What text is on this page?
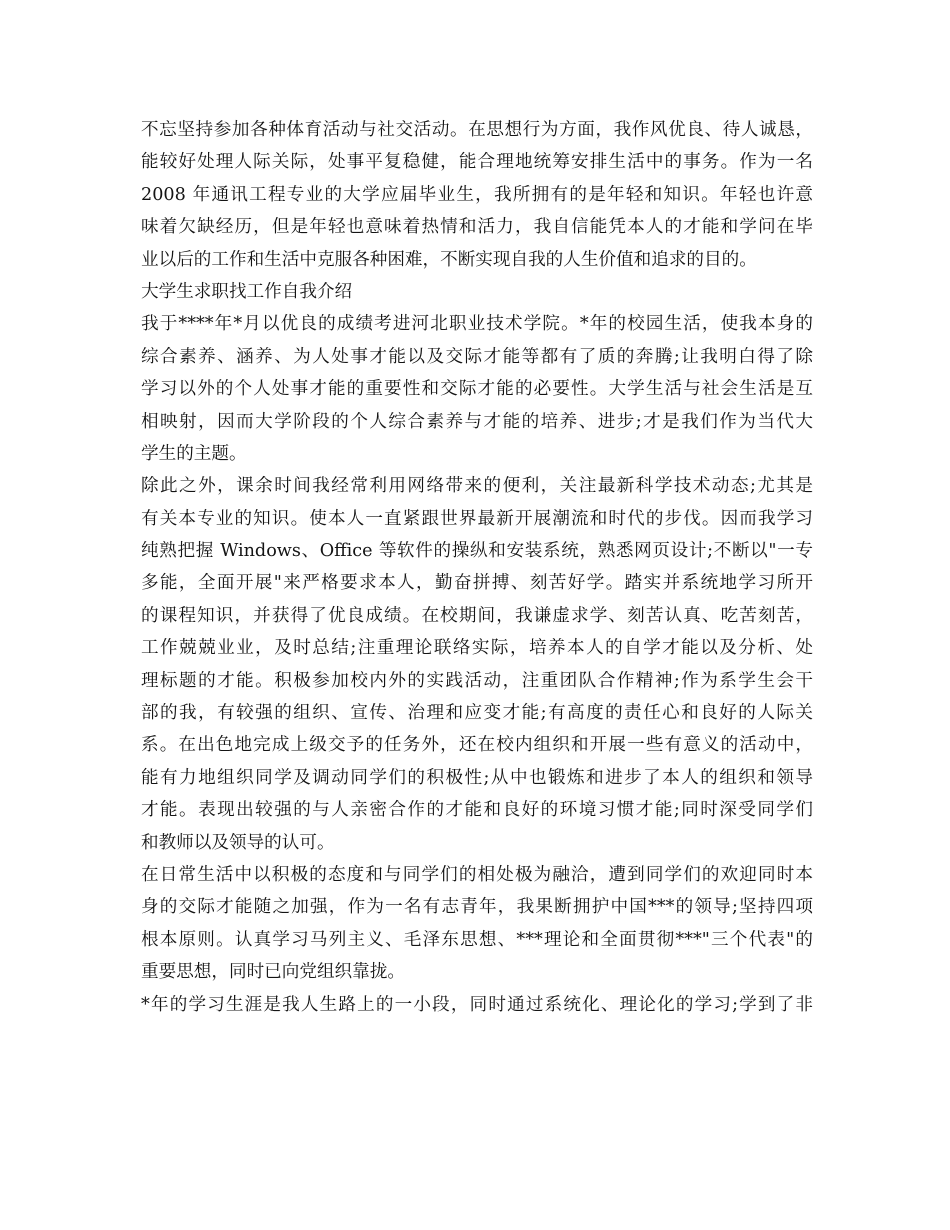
不忘坚持参加各种体育活动与社交活动。在思想行为方面，我作风优良、待人诚恳，
能较好处理人际关际，处事平复稳健，能合理地统筹安排生活中的事务。作为一名
2008 年通讯工程专业的大学应届毕业生，我所拥有的是年轻和知识。年轻也许意
味着欠缺经历，但是年轻也意味着热情和活力，我自信能凭本人的才能和学问在毕
业以后的工作和生活中克服各种困难，不断实现自我的人生价值和追求的目的。
大学生求职找工作自我介绍
我于****年*月以优良的成绩考进河北职业技术学院。*年的校园生活，使我本身的
综合素养、涵养、为人处事才能以及交际才能等都有了质的奔腾;让我明白得了除
学习以外的个人处事才能的重要性和交际才能的必要性。大学生活与社会生活是互
相映射，因而大学阶段的个人综合素养与才能的培养、进步;才是我们作为当代大
学生的主题。
除此之外，课余时间我经常利用网络带来的便利，关注最新科学技术动态;尤其是
有关本专业的知识。使本人一直紧跟世界最新开展潮流和时代的步伐。因而我学习
纯熟把握 Windows、Office 等软件的操纵和安装系统，熟悉网页设计;不断以"一专
多能，全面开展"来严格要求本人，勤奋拼搏、刻苦好学。踏实并系统地学习所开
的课程知识，并获得了优良成绩。在校期间，我谦虚求学、刻苦认真、吃苦刻苦，
工作兢兢业业，及时总结;注重理论联络实际，培养本人的自学才能以及分析、处
理标题的才能。积极参加校内外的实践活动，注重团队合作精神;作为系学生会干
部的我，有较强的组织、宣传、治理和应变才能;有高度的责任心和良好的人际关
系。在出色地完成上级交予的任务外，还在校内组织和开展一些有意义的活动中，
能有力地组织同学及调动同学们的积极性;从中也锻炼和进步了本人的组织和领导
才能。表现出较强的与人亲密合作的才能和良好的环境习惯才能;同时深受同学们
和教师以及领导的认可。
在日常生活中以积极的态度和与同学们的相处极为融洽，遭到同学们的欢迎同时本
身的交际才能随之加强，作为一名有志青年，我果断拥护中国***的领导;坚持四项
根本原则。认真学习马列主义、毛泽东思想、***理论和全面贯彻***"三个代表"的
重要思想，同时已向党组织靠拢。
*年的学习生涯是我人生路上的一小段，同时通过系统化、理论化的学习;学到了非
